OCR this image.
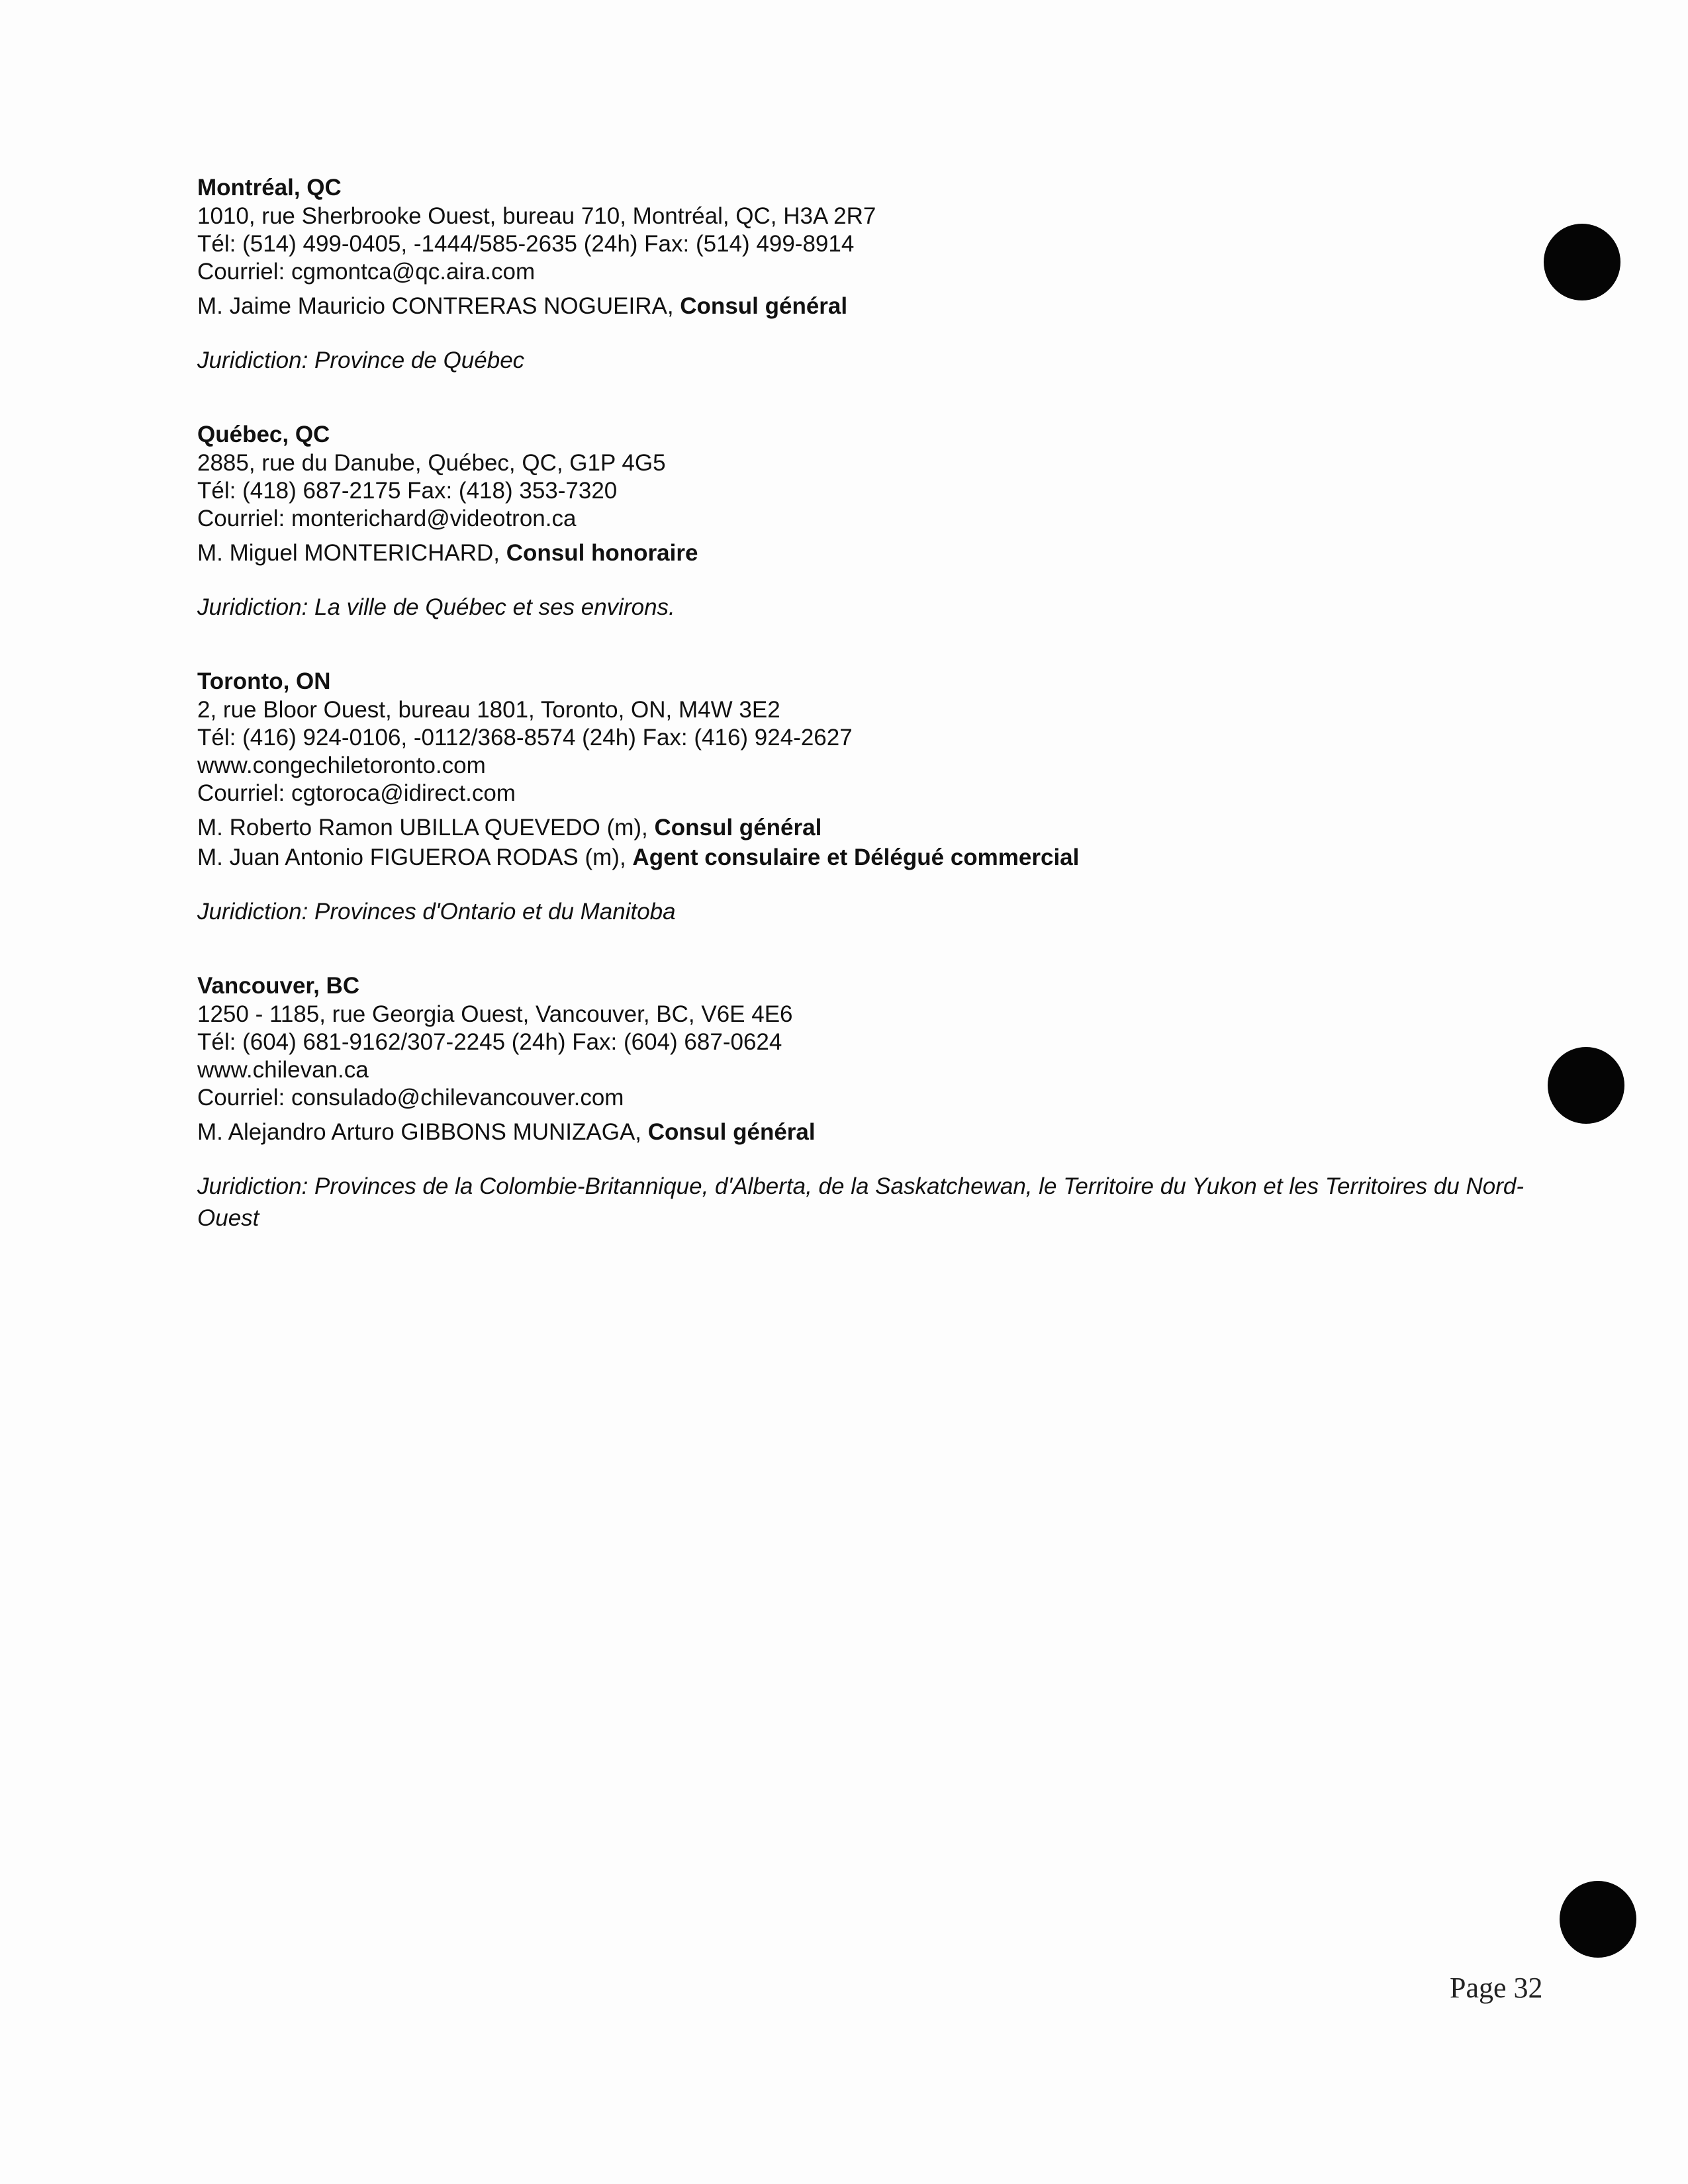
Montréal, QC
1010, rue Sherbrooke Ouest, bureau 710, Montréal, QC, H3A 2R7
Tél: (514) 499-0405, -1444/585-2635 (24h) Fax: (514) 499-8914
Courriel: cgmontca@qc.aira.com
M. Jaime Mauricio CONTRERAS NOGUEIRA, Consul général
Juridiction: Province de Québec
Québec, QC
2885, rue du Danube, Québec, QC, G1P 4G5
Tél: (418) 687-2175 Fax: (418) 353-7320
Courriel: monterichard@videotron.ca
M. Miguel MONTERICHARD, Consul honoraire
Juridiction: La ville de Québec et ses environs.
Toronto, ON
2, rue Bloor Ouest, bureau 1801, Toronto, ON, M4W 3E2
Tél: (416) 924-0106, -0112/368-8574 (24h) Fax: (416) 924-2627
www.congechiletoronto.com
Courriel: cgtoroca@idirect.com
M. Roberto Ramon UBILLA QUEVEDO (m), Consul général
M. Juan Antonio FIGUEROA RODAS (m), Agent consulaire et Délégué commercial
Juridiction: Provinces d'Ontario et du Manitoba
Vancouver, BC
1250 - 1185, rue Georgia Ouest, Vancouver, BC, V6E 4E6
Tél: (604) 681-9162/307-2245 (24h) Fax: (604) 687-0624
www.chilevan.ca
Courriel: consulado@chilevancouver.com
M. Alejandro Arturo GIBBONS MUNIZAGA, Consul général
Juridiction: Provinces de la Colombie-Britannique, d'Alberta, de la Saskatchewan, le Territoire du Yukon et les Territoires du Nord-Ouest
Page 32
